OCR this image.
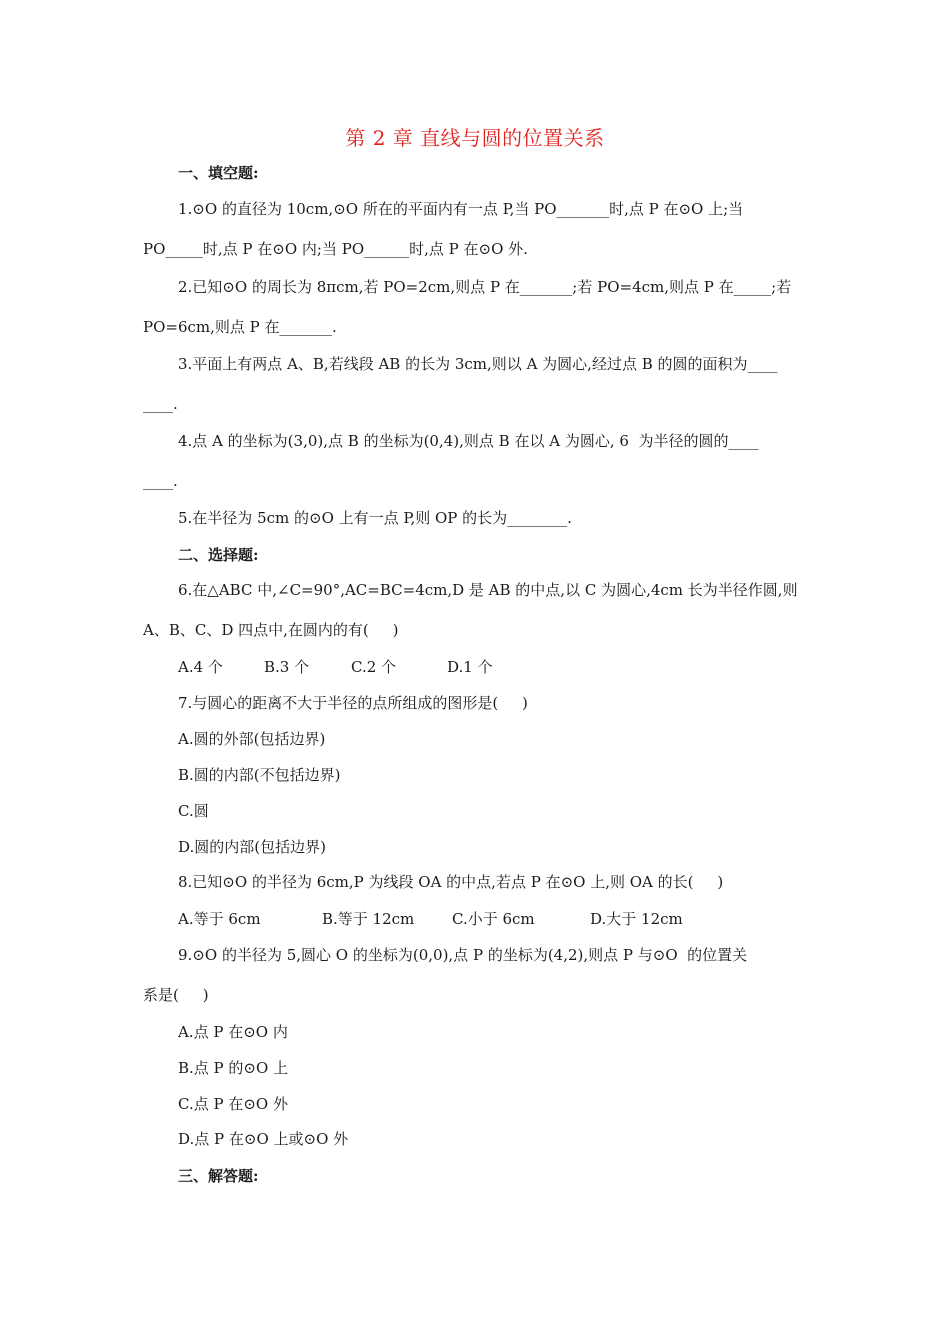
第 2 章 直线与圆的位置关系
一、填空题:
1.⊙O 的直径为 10cm,⊙O 所在的平面内有一点 P,当 PO_______时,点 P 在⊙O 上;当
PO_____时,点 P 在⊙O 内;当 PO______时,点 P 在⊙O 外.
2.已知⊙O 的周长为 8πcm,若 PO=2cm,则点 P 在_______;若 PO=4cm,则点 P 在_____;若
PO=6cm,则点 P 在_______.
3.平面上有两点 A、B,若线段 AB 的长为 3cm,则以 A 为圆心,经过点 B 的圆的面积为____
____.
4.点 A 的坐标为(3,0),点 B 的坐标为(0,4),则点 B 在以 A 为圆心, 6  为半径的圆的____
____.
5.在半径为 5cm 的⊙O 上有一点 P,则 OP 的长为________.
二、选择题:
6.在△ABC 中,∠C=90°,AC=BC=4cm,D 是 AB 的中点,以 C 为圆心,4cm 长为半径作圆,则
A、B、C、D 四点中,在圆内的有(     )
A.4 个	B.3 个	C.2 个	D.1 个
7.与圆心的距离不大于半径的点所组成的图形是(     )
A.圆的外部(包括边界)
B.圆的内部(不包括边界)
C.圆
D.圆的内部(包括边界)
8.已知⊙O 的半径为 6cm,P 为线段 OA 的中点,若点 P 在⊙O 上,则 OA 的长(     )
A.等于 6cm	B.等于 12cm	C.小于 6cm	D.大于 12cm
9.⊙O 的半径为 5,圆心 O 的坐标为(0,0),点 P 的坐标为(4,2),则点 P 与⊙O  的位置关
系是(     )
A.点 P 在⊙O 内
B.点 P 的⊙O 上
C.点 P 在⊙O 外
D.点 P 在⊙O 上或⊙O 外
三、解答题:
